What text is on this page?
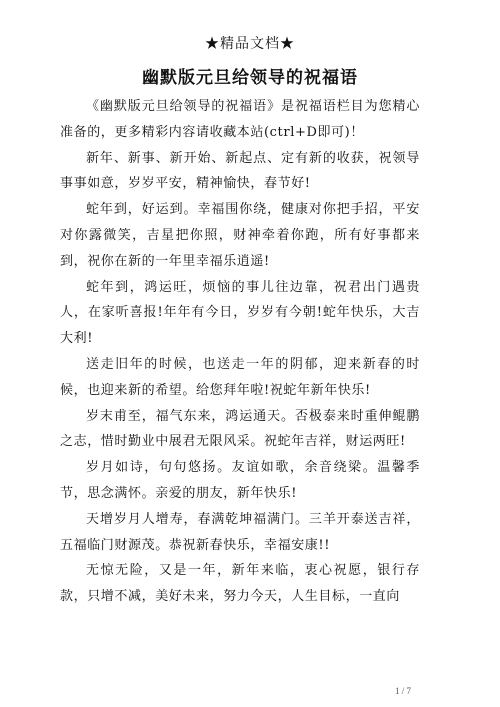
★精品文档★
幽默版元旦给领导的祝福语

《幽默版元旦给领导的祝福语》是祝福语栏目为您精心准备的，更多精彩内容请收藏本站(ctrl+D即可)！

新年、新事、新开始、新起点、定有新的收获，祝领导事事如意，岁岁平安，精神愉快，春节好!

蛇年到，好运到。幸福围你绕，健康对你把手招，平安对你露微笑，吉星把你照，财神牵着你跑，所有好事都来到，祝你在新的一年里幸福乐逍遥!

蛇年到，鸿运旺，烦恼的事儿往边靠，祝君出门遇贵人，在家听喜报!年年有今日，岁岁有今朝!蛇年快乐，大吉大利!

送走旧年的时候，也送走一年的阴郁，迎来新春的时候，也迎来新的希望。给您拜年啦!祝蛇年新年快乐!

岁末甫至，福气东来，鸿运通天。否极泰来时重伸鲲鹏之志，惜时勤业中展君无限风采。祝蛇年吉祥，财运两旺!

岁月如诗，句句悠扬。友谊如歌，余音绕梁。温馨季节，思念满怀。亲爱的朋友，新年快乐!

天增岁月人增寿，春满乾坤福满门。三羊开泰送吉祥，五福临门财源茂。恭祝新春快乐，幸福安康!!

无惊无险，又是一年，新年来临，衷心祝愿，银行存款，只增不减，美好未来，努力今天，人生目标，一直向

1 / 7
